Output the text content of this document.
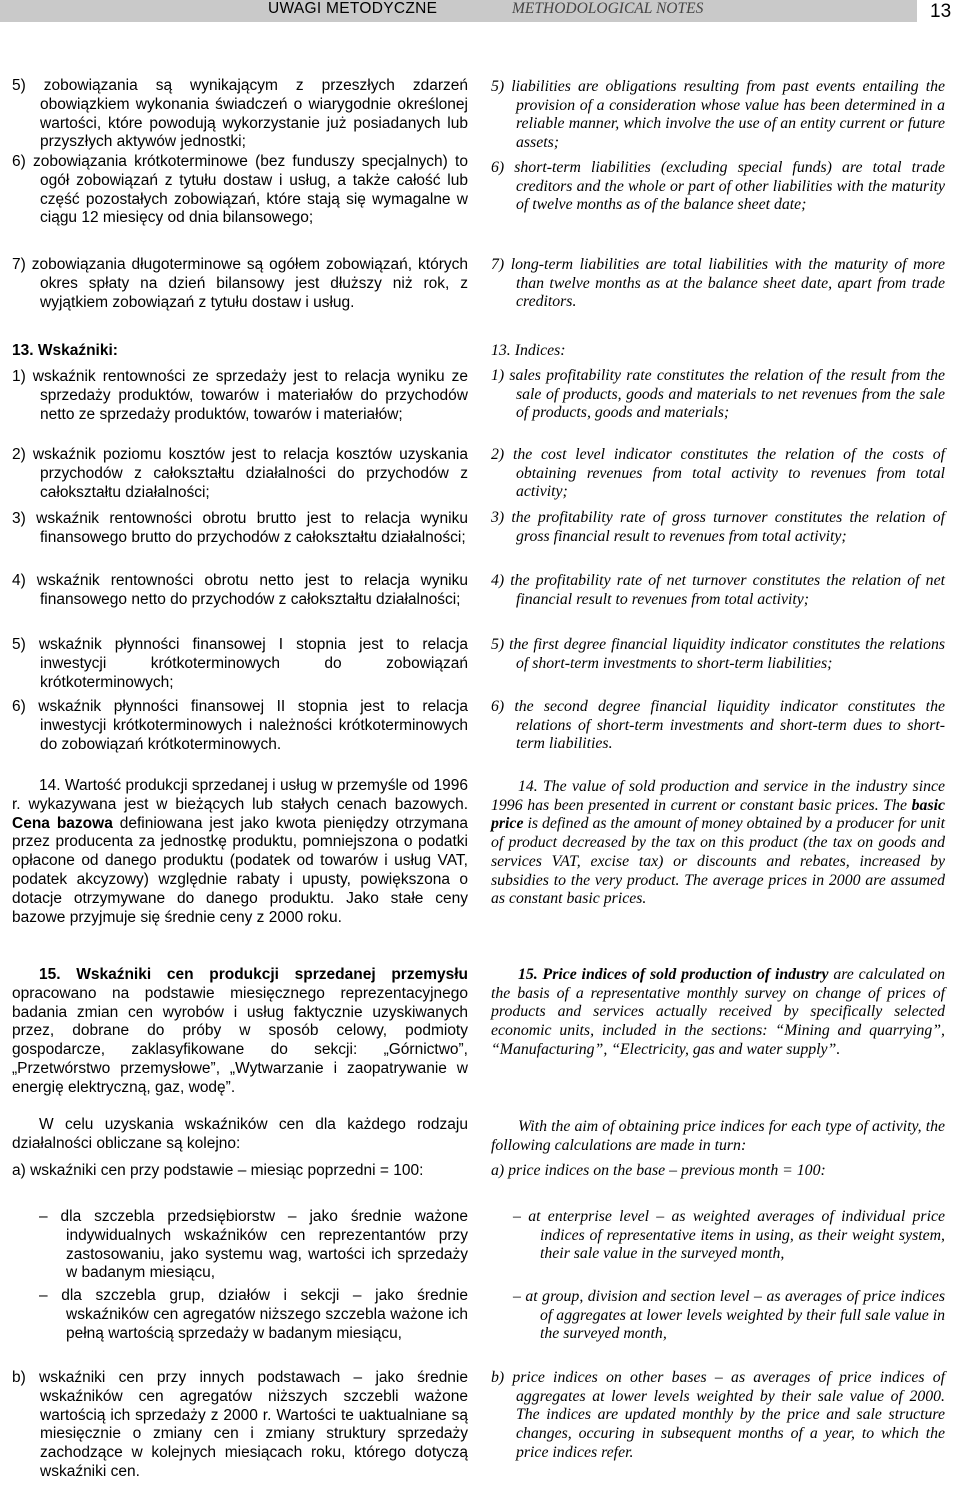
UWAGI METODYCZNE	METHODOLOGICAL NOTES	13
5) zobowiązania są wynikającym z przeszłych zdarzeń obowiązkiem wykonania świadczeń o wiarygodnie określonej wartości, które powodują wykorzystanie już posiadanych lub przyszłych aktywów jednostki;
6) zobowiązania krótkoterminowe (bez funduszy specjalnych) to ogół zobowiązań z tytułu dostaw i usług, a także całość lub część pozostałych zobowiązań, które stają się wymagalne w ciągu 12 miesięcy od dnia bilansowego;
7) zobowiązania długoterminowe są ogółem zobowiązań, których okres spłaty na dzień bilansowy jest dłuższy niż rok, z wyjątkiem zobowiązań z tytułu dostaw i usług.
13. Wskaźniki:
1) wskaźnik rentowności ze sprzedaży jest to relacja wyniku ze sprzedaży produktów, towarów i materiałów do przychodów netto ze sprzedaży produktów, towarów i materiałów;
2) wskaźnik poziomu kosztów jest to relacja kosztów uzyskania przychodów z całokształtu działalności do przychodów z całokształtu działalności;
3) wskaźnik rentowności obrotu brutto jest to relacja wyniku finansowego brutto do przychodów z całokształtu działalności;
4) wskaźnik rentowności obrotu netto jest to relacja wyniku finansowego netto do przychodów z całokształtu działalności;
5) wskaźnik płynności finansowej I stopnia jest to relacja inwestycji krótkoterminowych do zobowiązań krótkoterminowych;
6) wskaźnik płynności finansowej II stopnia jest to relacja inwestycji krótkoterminowych i należności krótkoterminowych do zobowiązań krótkoterminowych.
14. Wartość produkcji sprzedanej i usług w przemyśle od 1996 r. wykazywana jest w bieżących lub stałych cenach bazowych. Cena bazowa definiowana jest jako kwota pieniędzy otrzymana przez producenta za jednostkę produktu, pomniejszona o podatki opłacone od danego produktu (podatek od towarów i usług VAT, podatek akcyzowy) względnie rabaty i upusty, powiększona o dotacje otrzymywane do danego produktu. Jako stałe ceny bazowe przyjmuje się średnie ceny z 2000 roku.
15. Wskaźniki cen produkcji sprzedanej przemysłu opracowano na podstawie miesięcznego reprezentacyjnego badania zmian cen wyrobów i usług faktycznie uzyskiwanych przez, dobrane do próby w sposób celowy, podmioty gospodarcze, zaklasyfikowane do sekcji: „Górnictwo”, „Przetwórstwo przemysłowe”, „Wytwarzanie i zaopatrywanie w energię elektryczną, gaz, wodę”.
W celu uzyskania wskaźników cen dla każdego rodzaju działalności obliczane są kolejno:
a) wskaźniki cen przy podstawie – miesiąc poprzedni = 100:
– dla szczebla przedsiębiorstw – jako średnie ważone indywidualnych wskaźników cen reprezentantów przy zastosowaniu, jako systemu wag, wartości ich sprzedaży w badanym miesiącu,
– dla szczebla grup, działów i sekcji – jako średnie wskaźników cen agregatów niższego szczebla ważone ich pełną wartością sprzedaży w badanym miesiącu,
b) wskaźniki cen przy innych podstawach – jako średnie wskaźników cen agregatów niższych szczebli ważone wartością ich sprzedaży z 2000 r. Wartości te uaktualniane są miesięcznie o zmiany cen i zmiany struktury sprzedaży zachodzące w kolejnych miesiącach roku, którego dotyczą wskaźniki cen.
5) liabilities are obligations resulting from past events entailing the provision of a consideration whose value has been determined in a reliable manner, which involve the use of an entity current or future assets;
6) short-term liabilities (excluding special funds) are total trade creditors and the whole or part of other liabilities with the maturity of twelve months as of the balance sheet date;
7) long-term liabilities are total liabilities with the maturity of more than twelve months as at the balance sheet date, apart from trade creditors.
13. Indices:
1) sales profitability rate constitutes the relation of the result from the sale of products, goods and materials to net revenues from the sale of products, goods and materials;
2) the cost level indicator constitutes the relation of the costs of obtaining revenues from total activity to revenues from total activity;
3) the profitability rate of gross turnover constitutes the relation of gross financial result to revenues from total activity;
4) the profitability rate of net turnover constitutes the relation of net financial result to revenues from total activity;
5) the first degree financial liquidity indicator constitutes the relations of short-term investments to short-term liabilities;
6) the second degree financial liquidity indicator constitutes the relations of short-term investments and short-term dues to short-term liabilities.
14. The value of sold production and service in the industry since 1996 has been presented in current or constant basic prices. The basic price is defined as the amount of money obtained by a producer for unit of product decreased by the tax on this product (the tax on goods and services VAT, excise tax) or discounts and rebates, increased by subsidies to the very product. The average prices in 2000 are assumed as constant basic prices.
15. Price indices of sold production of industry are calculated on the basis of a representative monthly survey on change of prices of products and services actually received by specifically selected economic units, included in the sections: “Mining and quarrying”, “Manufacturing”, “Electricity, gas and water supply”.
With the aim of obtaining price indices for each type of activity, the following calculations are made in turn:
a) price indices on the base – previous month = 100:
– at enterprise level – as weighted averages of individual price indices of representative items in using, as their weight system, their sale value in the surveyed month,
– at group, division and section level – as averages of price indices of aggregates at lower levels weighted by their full sale value in the surveyed month,
b) price indices on other bases – as averages of price indices of aggregates at lower levels weighted by their sale value of 2000. The indices are updated monthly by the price and sale structure changes, occuring in subsequent months of a year, to which the price indices refer.
